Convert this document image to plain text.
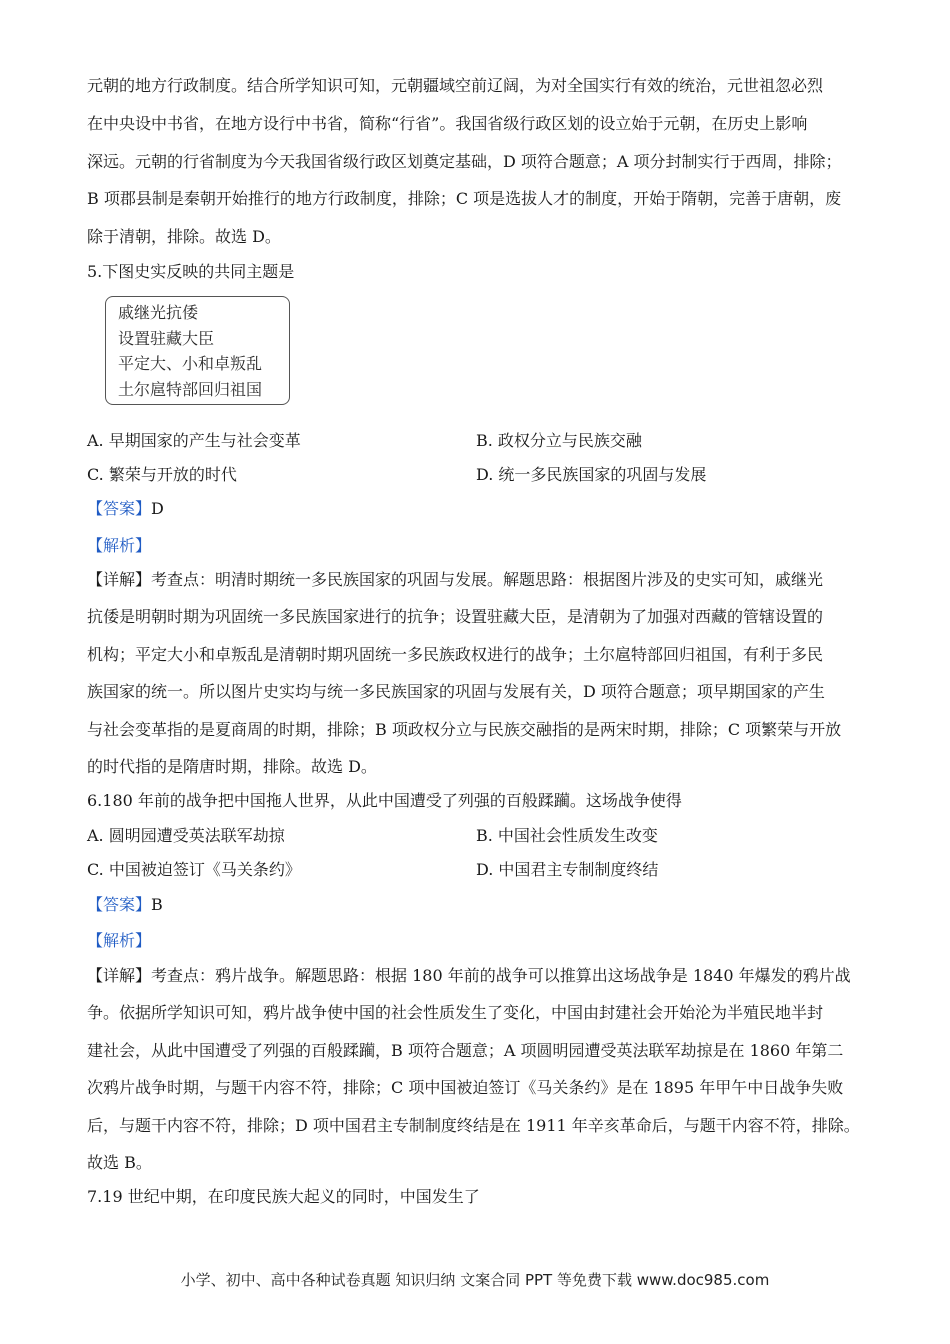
元朝的地方行政制度。结合所学知识可知，元朝疆域空前辽阔，为对全国实行有效的统治，元世祖忽必烈
在中央设中书省，在地方设行中书省，简称“行省”。我国省级行政区划的设立始于元朝，在历史上影响
深远。元朝的行省制度为今天我国省级行政区划奠定基础，D 项符合题意；A 项分封制实行于西周，排除；
B 项郡县制是秦朝开始推行的地方行政制度，排除；C 项是选拔人才的制度，开始于隋朝，完善于唐朝，废
除于清朝，排除。故选 D。
5.下图史实反映的共同主题是
戚继光抗倭
设置驻藏大臣
平定大、小和卓叛乱
土尔扈特部回归祖国
A. 早期国家的产生与社会变革	B. 政权分立与民族交融
C. 繁荣与开放的时代	D. 统一多民族国家的巩固与发展
【答案】D
【解析】
【详解】考查点：明清时期统一多民族国家的巩固与发展。解题思路：根据图片涉及的史实可知，戚继光
抗倭是明朝时期为巩固统一多民族国家进行的抗争；设置驻藏大臣，是清朝为了加强对西藏的管辖设置的
机构；平定大小和卓叛乱是清朝时期巩固统一多民族政权进行的战争；土尔扈特部回归祖国，有利于多民
族国家的统一。所以图片史实均与统一多民族国家的巩固与发展有关，D 项符合题意；项早期国家的产生
与社会变革指的是夏商周的时期，排除；B 项政权分立与民族交融指的是两宋时期，排除；C 项繁荣与开放
的时代指的是隋唐时期，排除。故选 D。
6.180 年前的战争把中国拖人世界，从此中国遭受了列强的百般蹂躏。这场战争使得
A. 圆明园遭受英法联军劫掠	B. 中国社会性质发生改变
C. 中国被迫签订《马关条约》	D. 中国君主专制制度终结
【答案】B
【解析】
【详解】考查点：鸦片战争。解题思路：根据 180 年前的战争可以推算出这场战争是 1840 年爆发的鸦片战
争。依据所学知识可知，鸦片战争使中国的社会性质发生了变化，中国由封建社会开始沦为半殖民地半封
建社会，从此中国遭受了列强的百般蹂躏，B 项符合题意；A 项圆明园遭受英法联军劫掠是在 1860 年第二
次鸦片战争时期，与题干内容不符，排除；C 项中国被迫签订《马关条约》是在 1895 年甲午中日战争失败
后，与题干内容不符，排除；D 项中国君主专制制度终结是在 1911 年辛亥革命后，与题干内容不符，排除。
故选 B。
7.19 世纪中期，在印度民族大起义的同时，中国发生了
小学、初中、高中各种试卷真题 知识归纳 文案合同 PPT 等免费下载 www.doc985.com
